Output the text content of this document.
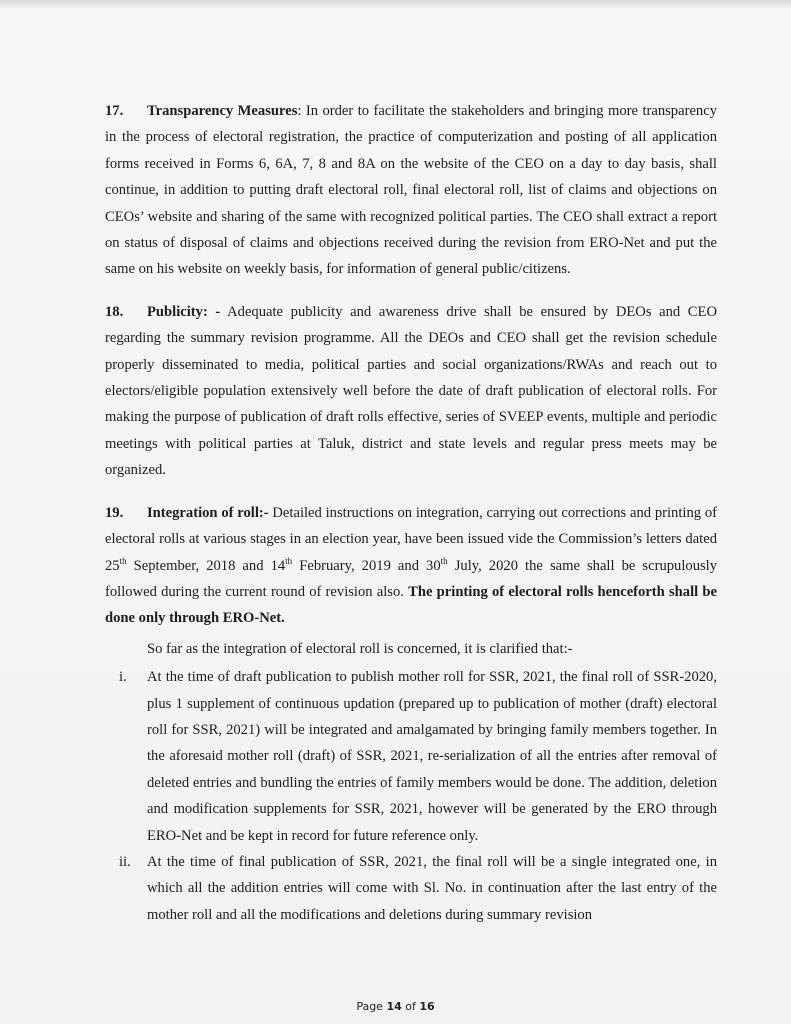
17. Transparency Measures: In order to facilitate the stakeholders and bringing more transparency in the process of electoral registration, the practice of computerization and posting of all application forms received in Forms 6, 6A, 7, 8 and 8A on the website of the CEO on a day to day basis, shall continue, in addition to putting draft electoral roll, final electoral roll, list of claims and objections on CEOs’ website and sharing of the same with recognized political parties. The CEO shall extract a report on status of disposal of claims and objections received during the revision from ERO-Net and put the same on his website on weekly basis, for information of general public/citizens.

18. Publicity: - Adequate publicity and awareness drive shall be ensured by DEOs and CEO regarding the summary revision programme. All the DEOs and CEO shall get the revision schedule properly disseminated to media, political parties and social organizations/RWAs and reach out to electors/eligible population extensively well before the date of draft publication of electoral rolls. For making the purpose of publication of draft rolls effective, series of SVEEP events, multiple and periodic meetings with political parties at Taluk, district and state levels and regular press meets may be organized.

19. Integration of roll:- Detailed instructions on integration, carrying out corrections and printing of electoral rolls at various stages in an election year, have been issued vide the Commission’s letters dated 25th September, 2018 and 14th February, 2019 and 30th July, 2020 the same shall be scrupulously followed during the current round of revision also. The printing of electoral rolls henceforth shall be done only through ERO-Net.

So far as the integration of electoral roll is concerned, it is clarified that:-

i.	At the time of draft publication to publish mother roll for SSR, 2021, the final roll of SSR-2020, plus 1 supplement of continuous updation (prepared up to publication of mother (draft) electoral roll for SSR, 2021) will be integrated and amalgamated by bringing family members together. In the aforesaid mother roll (draft) of SSR, 2021, re-serialization of all the entries after removal of deleted entries and bundling the entries of family members would be done. The addition, deletion and modification supplements for SSR, 2021, however will be generated by the ERO through ERO-Net and be kept in record for future reference only.
ii.	At the time of final publication of SSR, 2021, the final roll will be a single integrated one, in which all the addition entries will come with Sl. No. in continuation after the last entry of the mother roll and all the modifications and deletions during summary revision
Page 14 of 16
